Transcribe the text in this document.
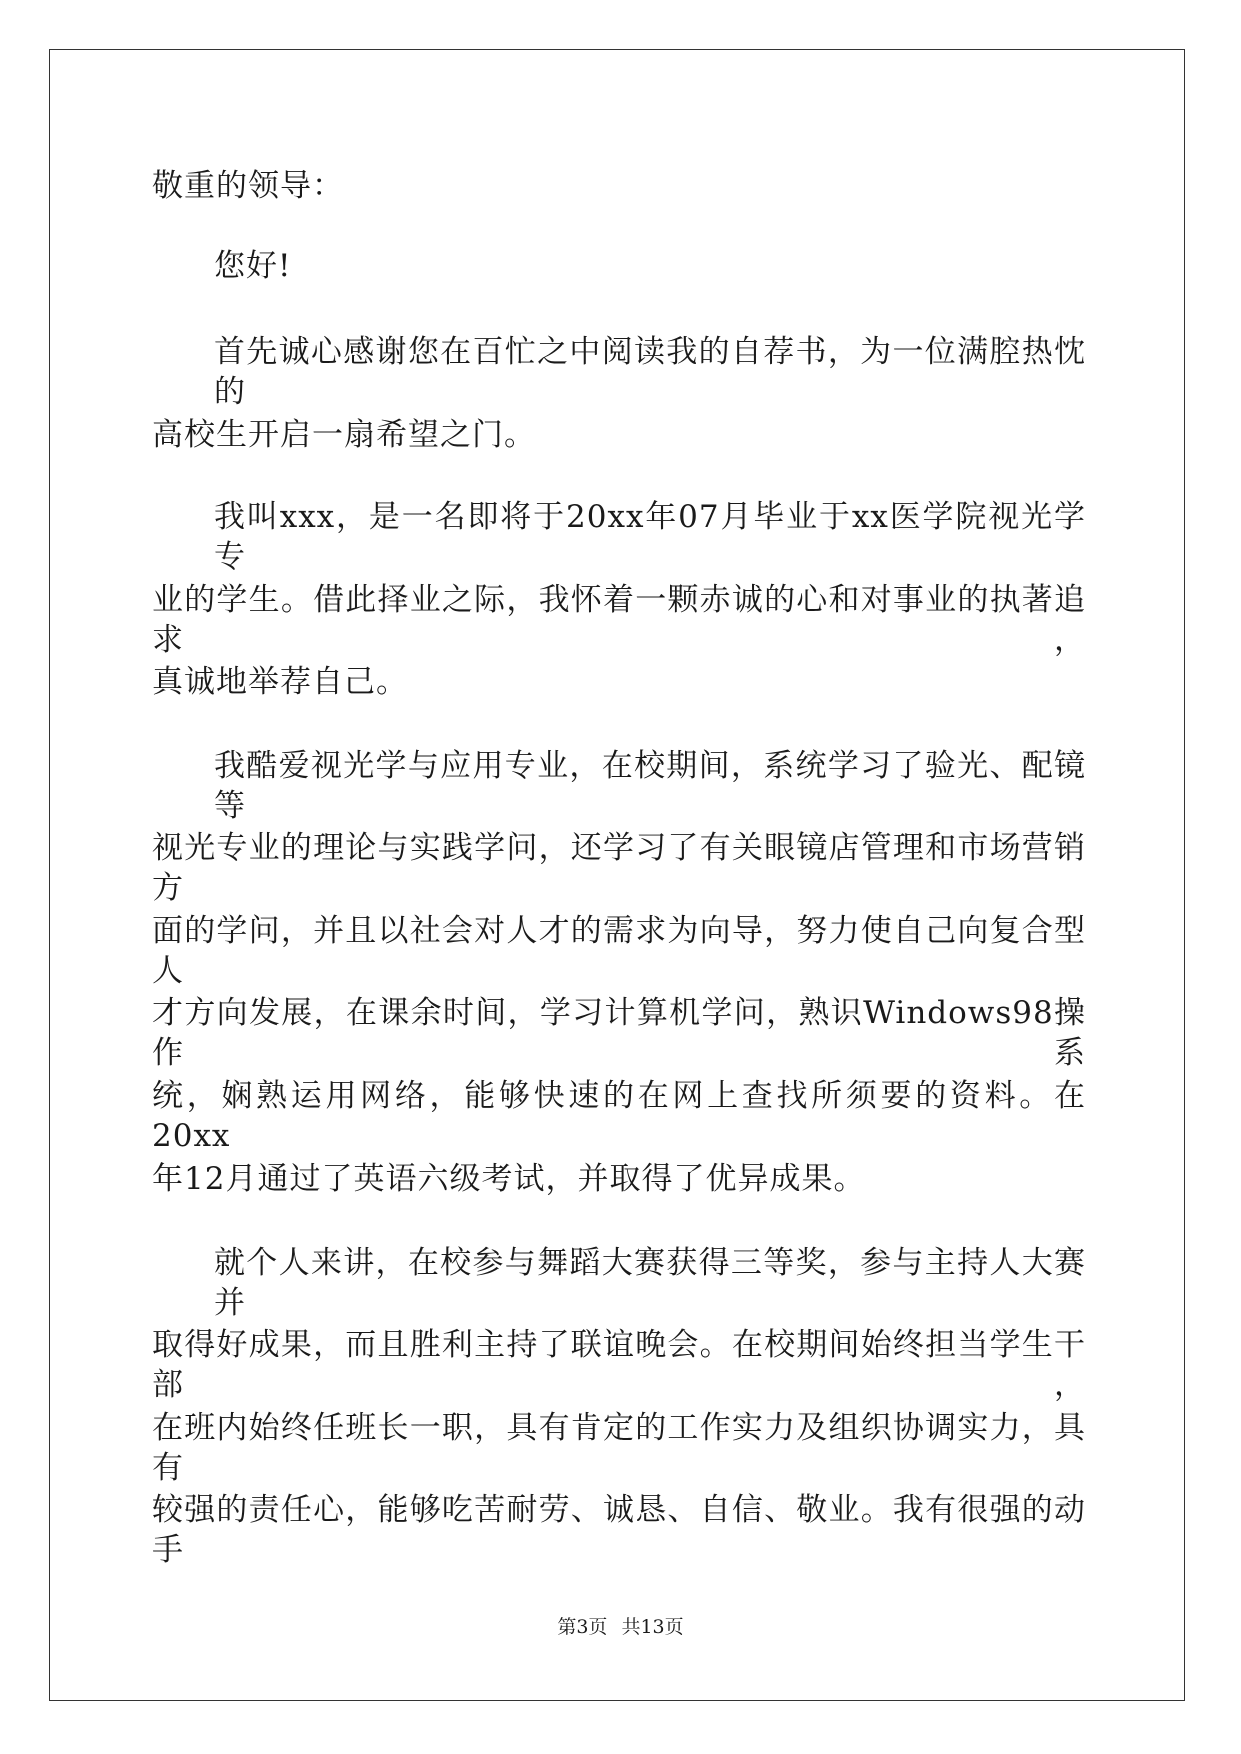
敬重的领导：
您好!
首先诚心感谢您在百忙之中阅读我的自荐书，为一位满腔热忱的
高校生开启一扇希望之门。
我叫xxx，是一名即将于20xx年07月毕业于xx医学院视光学专
业的学生。借此择业之际，我怀着一颗赤诚的心和对事业的执著追求，
真诚地举荐自己。
我酷爱视光学与应用专业，在校期间，系统学习了验光、配镜等
视光专业的理论与实践学问，还学习了有关眼镜店管理和市场营销方
面的学问，并且以社会对人才的需求为向导，努力使自己向复合型人
才方向发展，在课余时间，学习计算机学问，熟识Windows98操作系
统，娴熟运用网络，能够快速的在网上查找所须要的资料。在20xx
年12月通过了英语六级考试，并取得了优异成果。
就个人来讲，在校参与舞蹈大赛获得三等奖，参与主持人大赛并
取得好成果，而且胜利主持了联谊晚会。在校期间始终担当学生干部，
在班内始终任班长一职，具有肯定的工作实力及组织协调实力，具有
较强的责任心，能够吃苦耐劳、诚恳、自信、敬业。我有很强的动手
第3页 共13页
